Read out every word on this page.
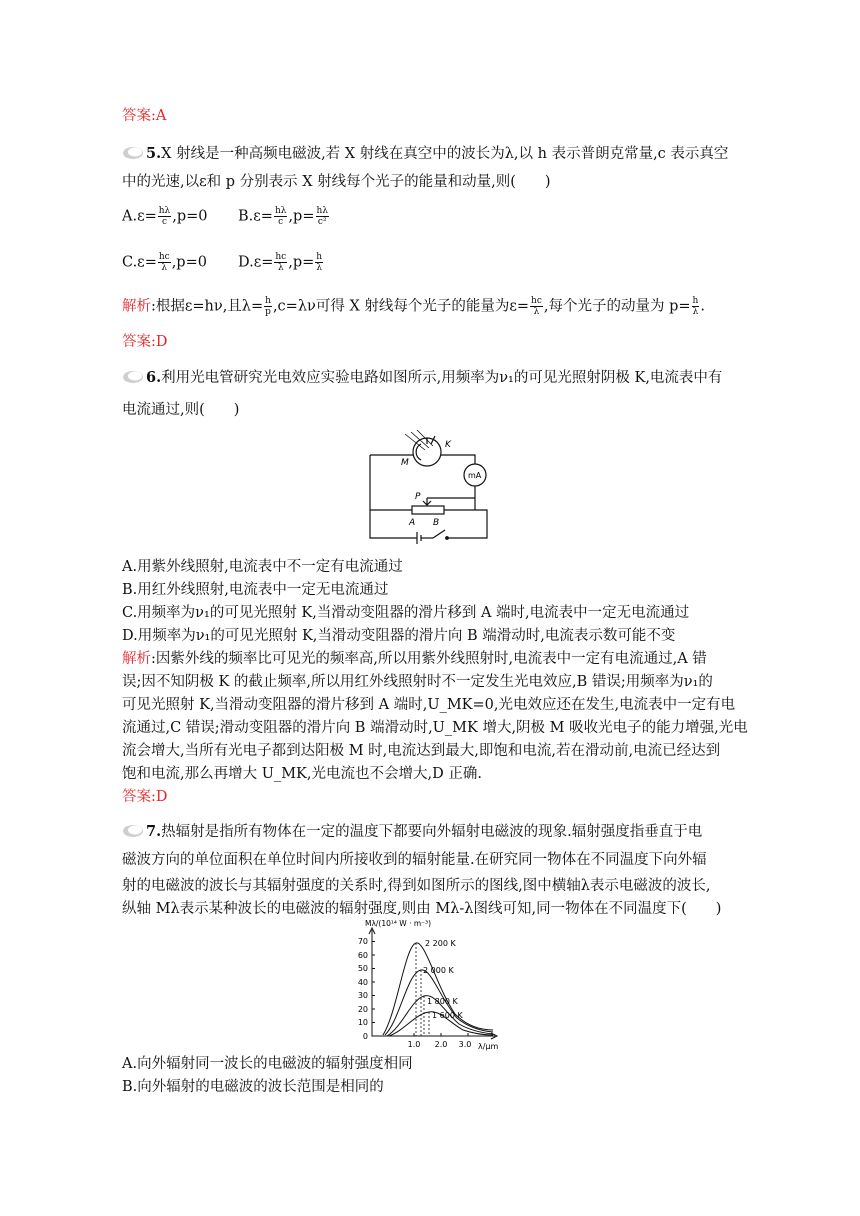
答案:A
5.X 射线是一种高频电磁波,若 X 射线在真空中的波长为λ,以 h 表示普朗克常量,c 表示真空
中的光速,以ε和 p 分别表示 X 射线每个光子的能量和动量,则(　　)
$A.\varepsilon= \frac{h\lambda}{c} ,p=0$ $B.\varepsilon= \frac{h\lambda}{c} ,p= \frac{h\lambda}{\text{c²}}$
$C.\varepsilon= \frac{hc}{\lambda} ,p=0$ $D.\varepsilon= \frac{hc}{\lambda} ,p= \frac{h}{\lambda}$
解析:根据ε=hν,且$\lambda= \frac{h}{p} ,c=\lambda\nu$可得 X 射线每个光子的能量为$\varepsilon= \frac{hc}{\lambda}$ ,每个光子的动量为 $p= \frac{h}{\lambda}$ .
答案:D
6.利用光电管研究光电效应实验电路如图所示,用频率为ν₁的可见光照射阴极 K,电流表中有
电流通过,则(　　)
M
K
mA
P
A B
A.用紫外线照射,电流表中不一定有电流通过
B.用红外线照射,电流表中一定无电流通过
C.用频率为ν₁的可见光照射 K,当滑动变阻器的滑片移到 A 端时,电流表中一定无电流通过
D.用频率为ν₁的可见光照射 K,当滑动变阻器的滑片向 B 端滑动时,电流表示数可能不变
解析:因紫外线的频率比可见光的频率高,所以用紫外线照射时,电流表中一定有电流通过,A 错
误;因不知阴极 K 的截止频率,所以用红外线照射时不一定发生光电效应,B 错误;用频率为ν₁的
可见光照射 K,当滑动变阻器的滑片移到 A 端时,U_MK=0,光电效应还在发生,电流表中一定有电
流通过,C 错误;滑动变阻器的滑片向 B 端滑动时,U_MK 增大,阴极 M 吸收光电子的能力增强,光电
流会增大,当所有光电子都到达阳极 M 时,电流达到最大,即饱和电流,若在滑动前,电流已经达到
饱和电流,那么再增大 U_MK,光电流也不会增大,D 正确.
答案:D
7.热辐射是指所有物体在一定的温度下都要向外辐射电磁波的现象.辐射强度指垂直于电
磁波方向的单位面积在单位时间内所接收到的辐射能量.在研究同一物体在不同温度下向外辐
射的电磁波的波长与其辐射强度的关系时,得到如图所示的图线,图中横轴λ表示电磁波的波长,
纵轴 Mλ表示某种波长的电磁波的辐射强度,则由 Mλ-λ图线可知,同一物体在不同温度下(　　)
Mλ/(10¹⁴ W · m⁻³)
λ/μm
0
10
20
30
40
50
60
70
1.0 2.0 3.0
2 200 K
2 000 K
1 800 K
1 600 K
A.向外辐射同一波长的电磁波的辐射强度相同
B.向外辐射的电磁波的波长范围是相同的
